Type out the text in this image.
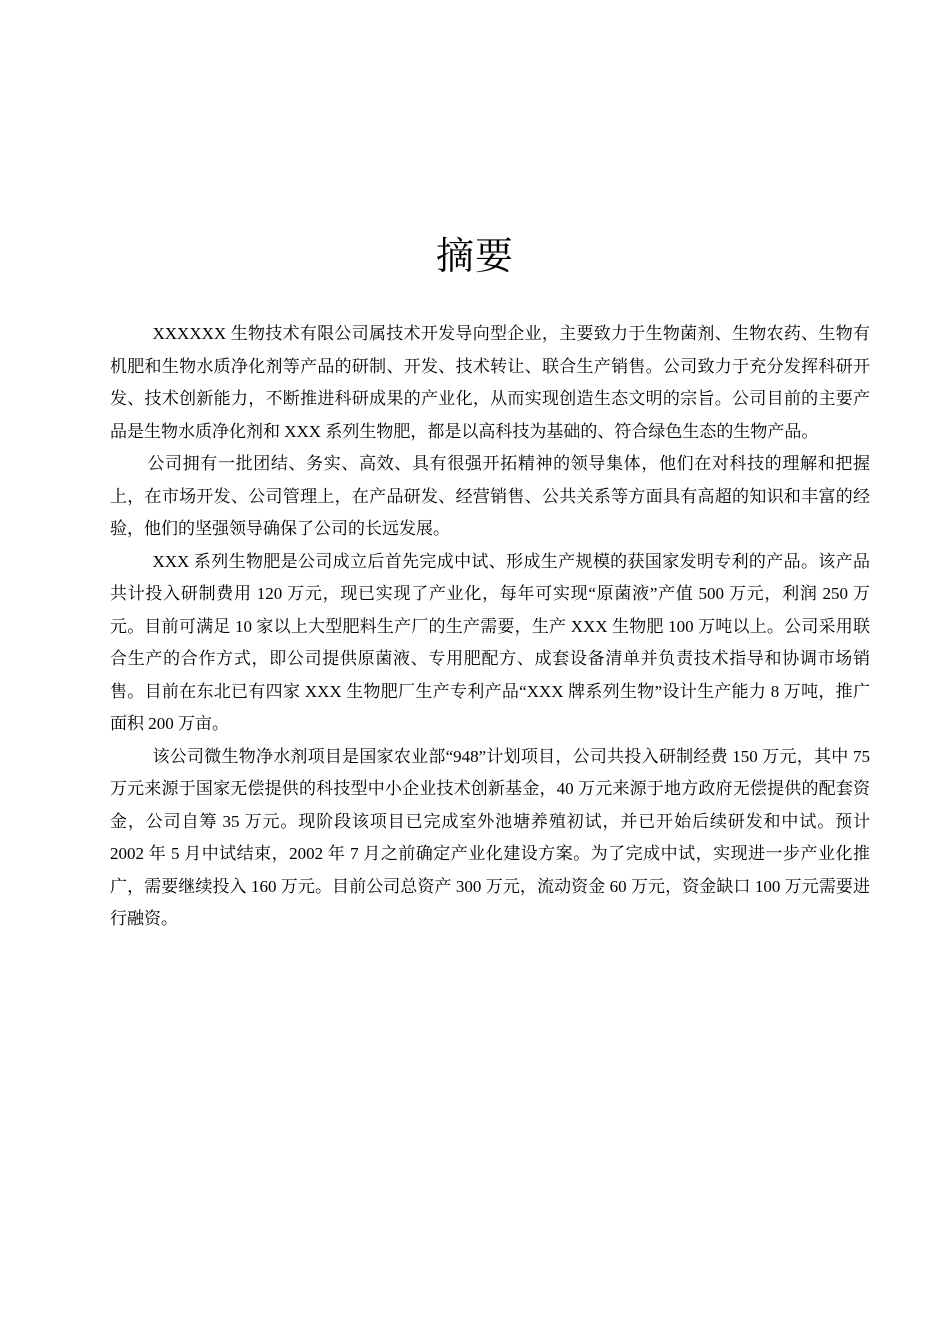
摘要

XXXXXX 生物技术有限公司属技术开发导向型企业，主要致力于生物菌剂、生物农药、生物有机肥和生物水质净化剂等产品的研制、开发、技术转让、联合生产销售。公司致力于充分发挥科研开发、技术创新能力，不断推进科研成果的产业化，从而实现创造生态文明的宗旨。公司目前的主要产品是生物水质净化剂和 XXX 系列生物肥，都是以高科技为基础的、符合绿色生态的生物产品。

公司拥有一批团结、务实、高效、具有很强开拓精神的领导集体，他们在对科技的理解和把握上，在市场开发、公司管理上，在产品研发、经营销售、公共关系等方面具有高超的知识和丰富的经验，他们的坚强领导确保了公司的长远发展。

XXX 系列生物肥是公司成立后首先完成中试、形成生产规模的获国家发明专利的产品。该产品共计投入研制费用 120 万元，现已实现了产业化，每年可实现“原菌液”产值 500 万元，利润 250 万元。目前可满足 10 家以上大型肥料生产厂的生产需要，生产 XXX 生物肥 100 万吨以上。公司采用联合生产的合作方式，即公司提供原菌液、专用肥配方、成套设备清单并负责技术指导和协调市场销售。目前在东北已有四家 XXX 生物肥厂生产专利产品“XXX 牌系列生物”设计生产能力 8 万吨，推广面积 200 万亩。

该公司微生物净水剂项目是国家农业部“948”计划项目，公司共投入研制经费 150 万元，其中 75 万元来源于国家无偿提供的科技型中小企业技术创新基金，40 万元来源于地方政府无偿提供的配套资金，公司自筹 35 万元。现阶段该项目已完成室外池塘养殖初试，并已开始后续研发和中试。预计 2002 年 5 月中试结束，2002 年 7 月之前确定产业化建设方案。为了完成中试，实现进一步产业化推广，需要继续投入 160 万元。目前公司总资产 300 万元，流动资金 60 万元，资金缺口 100 万元需要进行融资。
